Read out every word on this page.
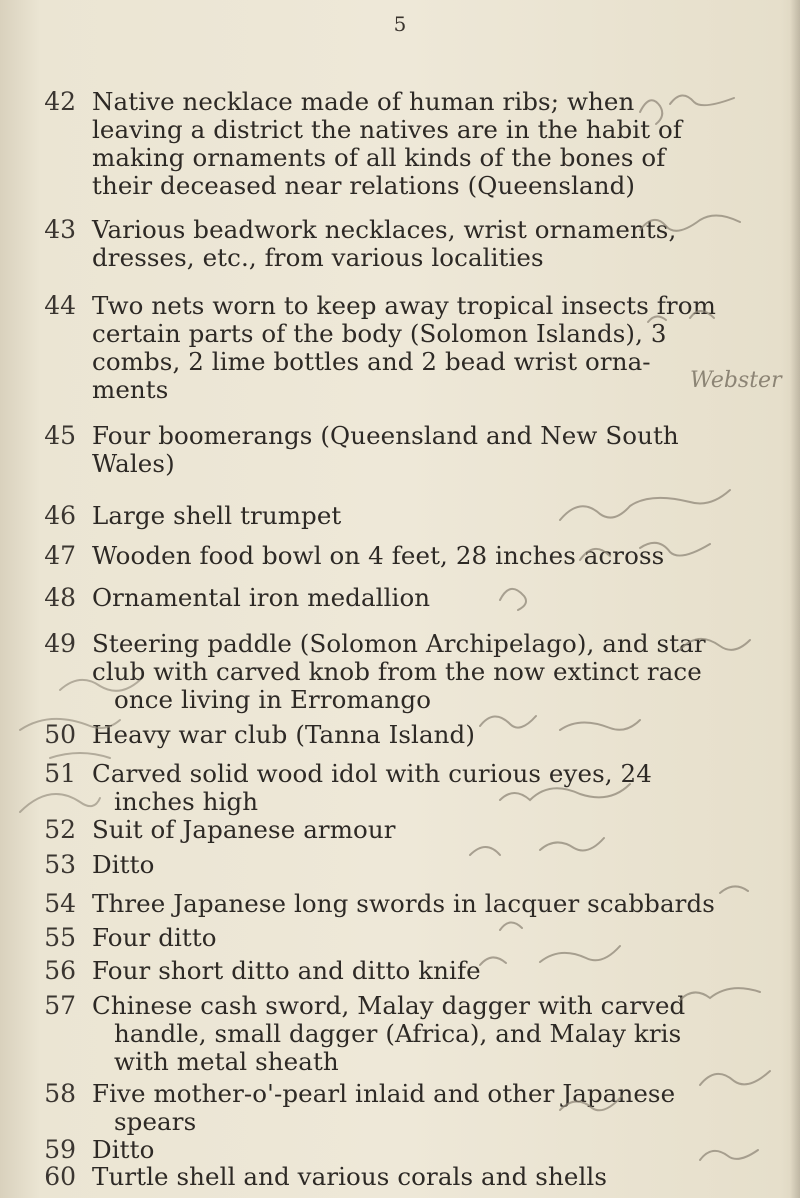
5
42 Native necklace made of human ribs; when
leaving a district the natives are in the habit of
making ornaments of all kinds of the bones of
their deceased near relations (Queensland)
43 Various beadwork necklaces, wrist ornaments,
dresses, etc., from various localities
44 Two nets worn to keep away tropical insects from
certain parts of the body (Solomon Islands), 3
combs, 2 lime bottles and 2 bead wrist orna-
ments	Webster
45 Four boomerangs (Queensland and New South
Wales)
46 Large shell trumpet
47 Wooden food bowl on 4 feet, 28 inches across
48 Ornamental iron medallion
49 Steering paddle (Solomon Archipelago), and star
club with carved knob from the now extinct race
once living in Erromango
50 Heavy war club (Tanna Island)
51 Carved solid wood idol with curious eyes, 24
inches high
52 Suit of Japanese armour
53 Ditto
54 Three Japanese long swords in lacquer scabbards
55 Four ditto
56 Four short ditto and ditto knife
57 Chinese cash sword, Malay dagger with carved
handle, small dagger (Africa), and Malay kris
with metal sheath
58 Five mother-o'-pearl inlaid and other Japanese
spears
59 Ditto
60 Turtle shell and various corals and shells
